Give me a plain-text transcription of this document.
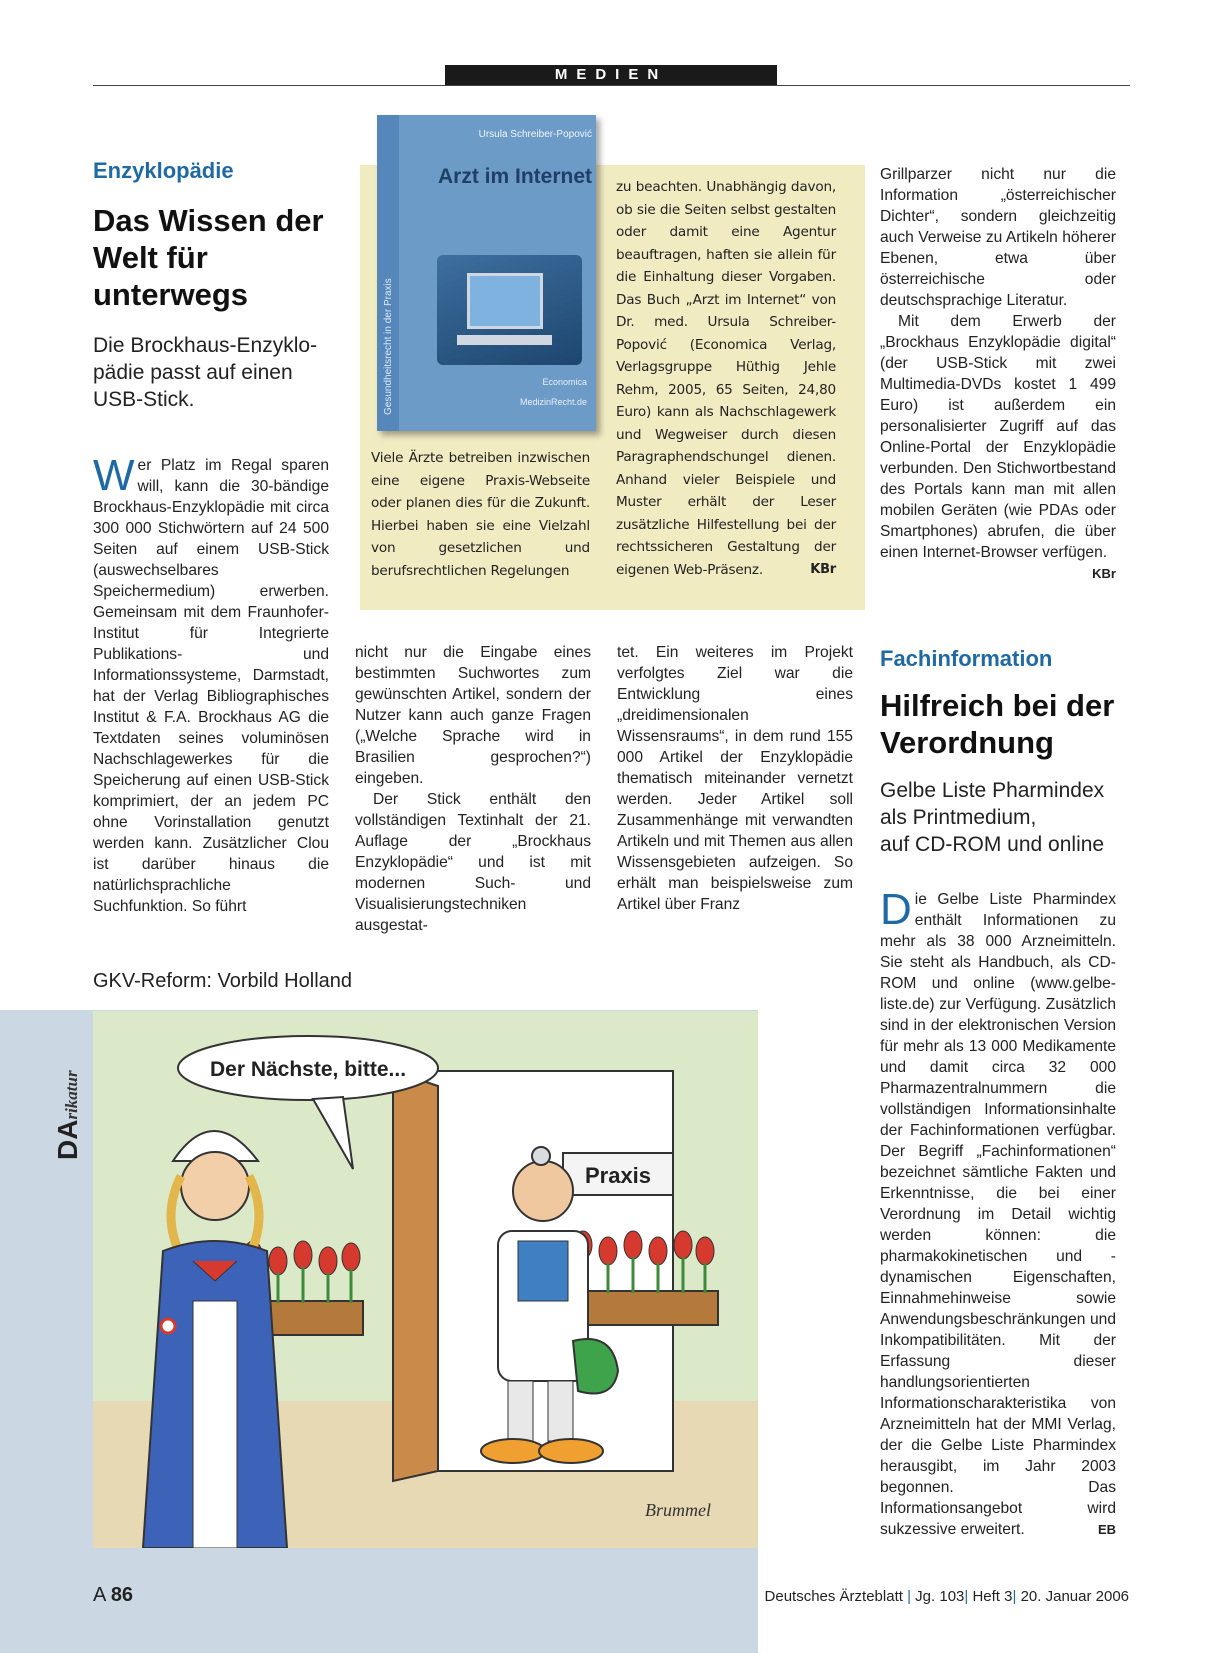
MEDIEN
Enzyklopädie
Das Wissen der
Welt für
unterwegs
Die Brockhaus-Enzyklo-
pädie passt auf einen
USB-Stick.

Wer Platz im Regal sparen will, kann die 30-bändige Brockhaus-Enzyklopädie mit circa 300 000 Stichwörtern auf 24 500 Seiten auf einem USB-Stick (auswechselbares Speichermedium) erwerben. Gemeinsam mit dem Fraunhofer-Institut für Integrierte Publikations- und Informationssysteme, Darmstadt, hat der Verlag Bibliographisches Institut & F.A. Brockhaus AG die Textdaten seines voluminösen Nachschlagewerkes für die Speicherung auf einen USB-Stick komprimiert, der an jedem PC ohne Vorinstallation genutzt werden kann. Zusätzlicher Clou ist darüber hinaus die natürlichsprachliche Suchfunktion. So führt

Gesundheitsrecht in der Praxis
Ursula Schreiber-Popović
Arzt im Internet
Economica
MedizinRecht.de
Viele Ärzte betreiben inzwischen eine eigene Praxis-Webseite oder planen dies für die Zukunft. Hierbei haben sie eine Vielzahl von gesetzlichen und berufsrechtlichen Regelungen
zu beachten. Unabhängig davon, ob sie die Seiten selbst gestalten oder damit eine Agentur beauftragen, haften sie allein für die Einhaltung dieser Vorgaben. Das Buch „Arzt im Internet“ von Dr. med. Ursula Schreiber-Popović (Economica Verlag, Verlagsgruppe Hüthig Jehle Rehm, 2005, 65 Seiten, 24,80 Euro) kann als Nachschlagewerk und Wegweiser durch diesen Paragraphendschungel dienen. Anhand vieler Beispiele und Muster erhält der Leser zusätzliche Hilfestellung bei der rechtssicheren Gestaltung der eigenen Web-Präsenz.	KBr

Grillparzer nicht nur die Information „österreichischer Dichter“, sondern gleichzeitig auch Verweise zu Artikeln höherer Ebenen, etwa über österreichische oder deutschsprachige Literatur.

Mit dem Erwerb der „Brockhaus Enzyklopädie digital“ (der USB-Stick mit zwei Multimedia-DVDs kostet 1 499 Euro) ist außerdem ein personalisierter Zugriff auf das Online-Portal der Enzyklopädie verbunden. Den Stichwortbestand des Portals kann man mit allen mobilen Geräten (wie PDAs oder Smartphones) abrufen, die über einen Internet-Browser verfügen.
KBr

nicht nur die Eingabe eines bestimmten Suchwortes zum gewünschten Artikel, sondern der Nutzer kann auch ganze Fragen („Welche Sprache wird in Brasilien gesprochen?“) eingeben.

Der Stick enthält den vollständigen Textinhalt der 21. Auflage der „Brockhaus Enzyklopädie“ und ist mit modernen Such- und Visualisierungstechniken ausgestat-

tet. Ein weiteres im Projekt verfolgtes Ziel war die Entwicklung eines „dreidimensionalen Wissensraums“, in dem rund 155 000 Artikel der Enzyklopädie thematisch miteinander vernetzt werden. Jeder Artikel soll Zusammenhänge mit verwandten Artikeln und mit Themen aus allen Wissensgebieten aufzeigen. So erhält man beispielsweise zum Artikel über Franz
Fachinformation
Hilfreich bei der
Verordnung
Gelbe Liste Pharmindex
als Printmedium,
auf CD-ROM und online

Die Gelbe Liste Pharmindex enthält Informationen zu mehr als 38 000 Arzneimitteln. Sie steht als Handbuch, als CD-ROM und online (www.gelbe-liste.de) zur Verfügung. Zusätzlich sind in der elektronischen Version für mehr als 13 000 Medikamente und damit circa 32 000 Pharmazentralnummern die vollständigen Informationsinhalte der Fachinformationen verfügbar. Der Begriff „Fachinformationen“ bezeichnet sämtliche Fakten und Erkenntnisse, die bei einer Verordnung im Detail wichtig werden können: die pharmakokinetischen und -dynamischen Eigenschaften, Einnahmehinweise sowie Anwendungsbeschränkungen und Inkompatibilitäten. Mit der Erfassung dieser handlungsorientierten Informationscharakteristika von Arzneimitteln hat der MMI Verlag, der die Gelbe Liste Pharmindex herausgibt, im Jahr 2003 begonnen. Das Informationsangebot wird sukzessive erweitert.	EB

GKV-Reform: Vorbild Holland
DArikatur
Praxis
Der Nächste, bitte...
Brummel
A 86	Deutsches Ärzteblatt | Jg. 103| Heft 3| 20. Januar 2006
